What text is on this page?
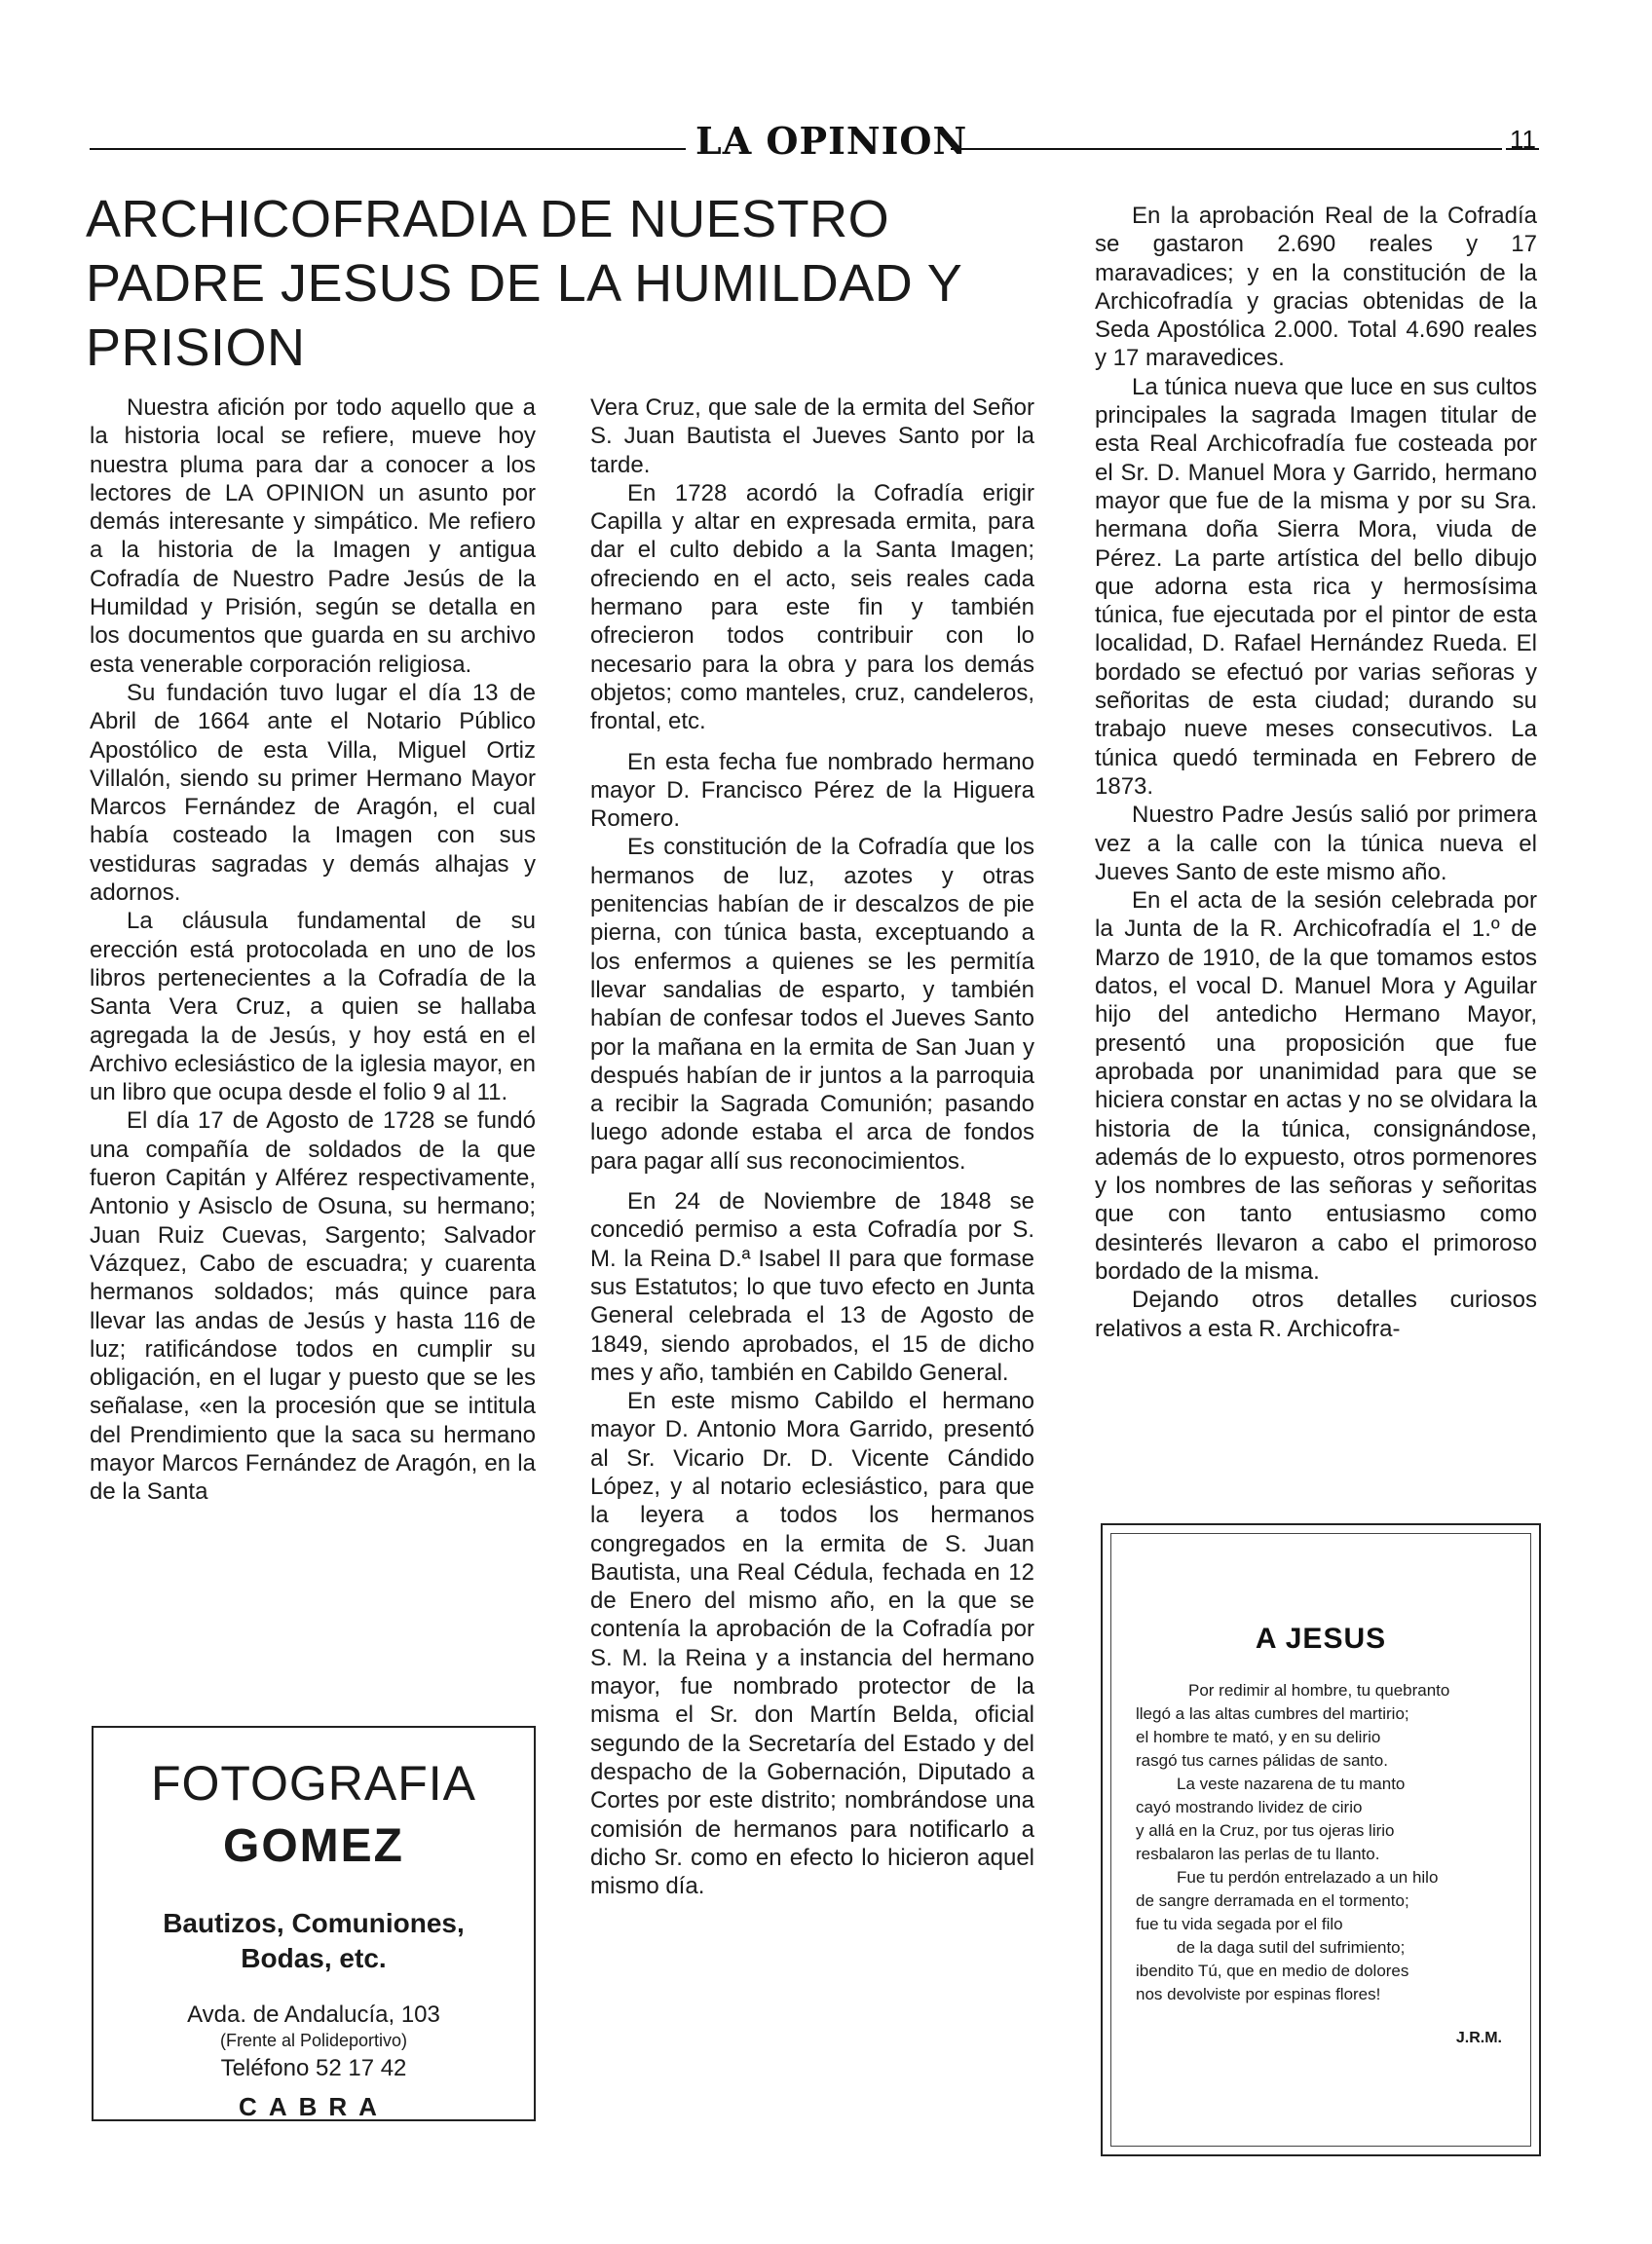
LA OPINION	11
ARCHICOFRADIA DE NUESTRO PADRE JESUS DE LA HUMILDAD Y PRISION

Nuestra afición por todo aquello que a la historia local se refiere, mueve hoy nuestra pluma para dar a conocer a los lectores de LA OPINION un asunto por demás interesante y simpático. Me refiero a la historia de la Imagen y antigua Cofradía de Nuestro Padre Jesús de la Humildad y Prisión, según se detalla en los documentos que guarda en su archivo esta venerable corporación religiosa.

Su fundación tuvo lugar el día 13 de Abril de 1664 ante el Notario Público Apostólico de esta Villa, Miguel Ortiz Villalón, siendo su primer Hermano Mayor Marcos Fernández de Aragón, el cual había costeado la Imagen con sus vestiduras sagradas y demás alhajas y adornos.

La cláusula fundamental de su erección está protocolada en uno de los libros pertenecientes a la Cofradía de la Santa Vera Cruz, a quien se hallaba agregada la de Jesús, y hoy está en el Archivo eclesiástico de la iglesia mayor, en un libro que ocupa desde el folio 9 al 11.

El día 17 de Agosto de 1728 se fundó una compañía de soldados de la que fueron Capitán y Alférez respectivamente, Antonio y Asisclo de Osuna, su hermano; Juan Ruiz Cuevas, Sargento; Salvador Vázquez, Cabo de escuadra; y cuarenta hermanos soldados; más quince para llevar las andas de Jesús y hasta 116 de luz; ratificándose todos en cumplir su obligación, en el lugar y puesto que se les señalase, «en la procesión que se intitula del Prendimiento que la saca su hermano mayor Marcos Fernández de Aragón, en la de la Santa

Vera Cruz, que sale de la ermita del Señor S. Juan Bautista el Jueves Santo por la tarde.

En 1728 acordó la Cofradía erigir Capilla y altar en expresada ermita, para dar el culto debido a la Santa Imagen; ofreciendo en el acto, seis reales cada hermano para este fin y también ofrecieron todos contribuir con lo necesario para la obra y para los demás objetos; como manteles, cruz, candeleros, frontal, etc.

En esta fecha fue nombrado hermano mayor D. Francisco Pérez de la Higuera Romero.

Es constitución de la Cofradía que los hermanos de luz, azotes y otras penitencias habían de ir descalzos de pie pierna, con túnica basta, exceptuando a los enfermos a quienes se les permitía llevar sandalias de esparto, y también habían de confesar todos el Jueves Santo por la mañana en la ermita de San Juan y después habían de ir juntos a la parroquia a recibir la Sagrada Comunión; pasando luego adonde estaba el arca de fondos para pagar allí sus reconocimientos.

En 24 de Noviembre de 1848 se concedió permiso a esta Cofradía por S. M. la Reina D.ª Isabel II para que formase sus Estatutos; lo que tuvo efecto en Junta General celebrada el 13 de Agosto de 1849, siendo aprobados, el 15 de dicho mes y año, también en Cabildo General.

En este mismo Cabildo el hermano mayor D. Antonio Mora Garrido, presentó al Sr. Vicario Dr. D. Vicente Cándido López, y al notario eclesiástico, para que la leyera a todos los hermanos congregados en la ermita de S. Juan Bautista, una Real Cédula, fechada en 12 de Enero del mismo año, en la que se contenía la aprobación de la Cofradía por S. M. la Reina y a instancia del hermano mayor, fue nombrado protector de la misma el Sr. don Martín Belda, oficial segundo de la Secretaría del Estado y del despacho de la Gobernación, Diputado a Cortes por este distrito; nombrándose una comisión de hermanos para notificarlo a dicho Sr. como en efecto lo hicieron aquel mismo día.

En la aprobación Real de la Cofradía se gastaron 2.690 reales y 17 maravadices; y en la constitución de la Archicofradía y gracias obtenidas de la Seda Apostólica 2.000. Total 4.690 reales y 17 maravedices.

La túnica nueva que luce en sus cultos principales la sagrada Imagen titular de esta Real Archicofradía fue costeada por el Sr. D. Manuel Mora y Garrido, hermano mayor que fue de la misma y por su Sra. hermana doña Sierra Mora, viuda de Pérez. La parte artística del bello dibujo que adorna esta rica y hermosísima túnica, fue ejecutada por el pintor de esta localidad, D. Rafael Hernández Rueda. El bordado se efectuó por varias señoras y señoritas de esta ciudad; durando su trabajo nueve meses consecutivos. La túnica quedó terminada en Febrero de 1873.

Nuestro Padre Jesús salió por primera vez a la calle con la túnica nueva el Jueves Santo de este mismo año.

En el acta de la sesión celebrada por la Junta de la R. Archicofradía el 1.º de Marzo de 1910, de la que tomamos estos datos, el vocal D. Manuel Mora y Aguilar hijo del antedicho Hermano Mayor, presentó una proposición que fue aprobada por unanimidad para que se hiciera constar en actas y no se olvidara la historia de la túnica, consignándose, además de lo expuesto, otros pormenores y los nombres de las señoras y señoritas que con tanto entusiasmo como desinterés llevaron a cabo el primoroso bordado de la misma.

Dejando otros detalles curiosos relativos a esta R. Archicofra-

FOTOGRAFIA
GOMEZ
Bautizos, Comuniones,
Bodas, etc.
Avda. de Andalucía, 103
(Frente al Polideportivo)
Teléfono 52 17 42
CABRA
A JESUS
Por redimir al hombre, tu quebranto
llegó a las altas cumbres del martirio;
el hombre te mató, y en su delirio
rasgó tus carnes pálidas de santo.
La veste nazarena de tu manto
cayó mostrando lividez de cirio
y allá en la Cruz, por tus ojeras lirio
resbalaron las perlas de tu llanto.
Fue tu perdón entrelazado a un hilo
de sangre derramada en el tormento;
fue tu vida segada por el filo
de la daga sutil del sufrimiento;
ibendito Tú, que en medio de dolores
nos devolviste por espinas flores!
J.R.M.
